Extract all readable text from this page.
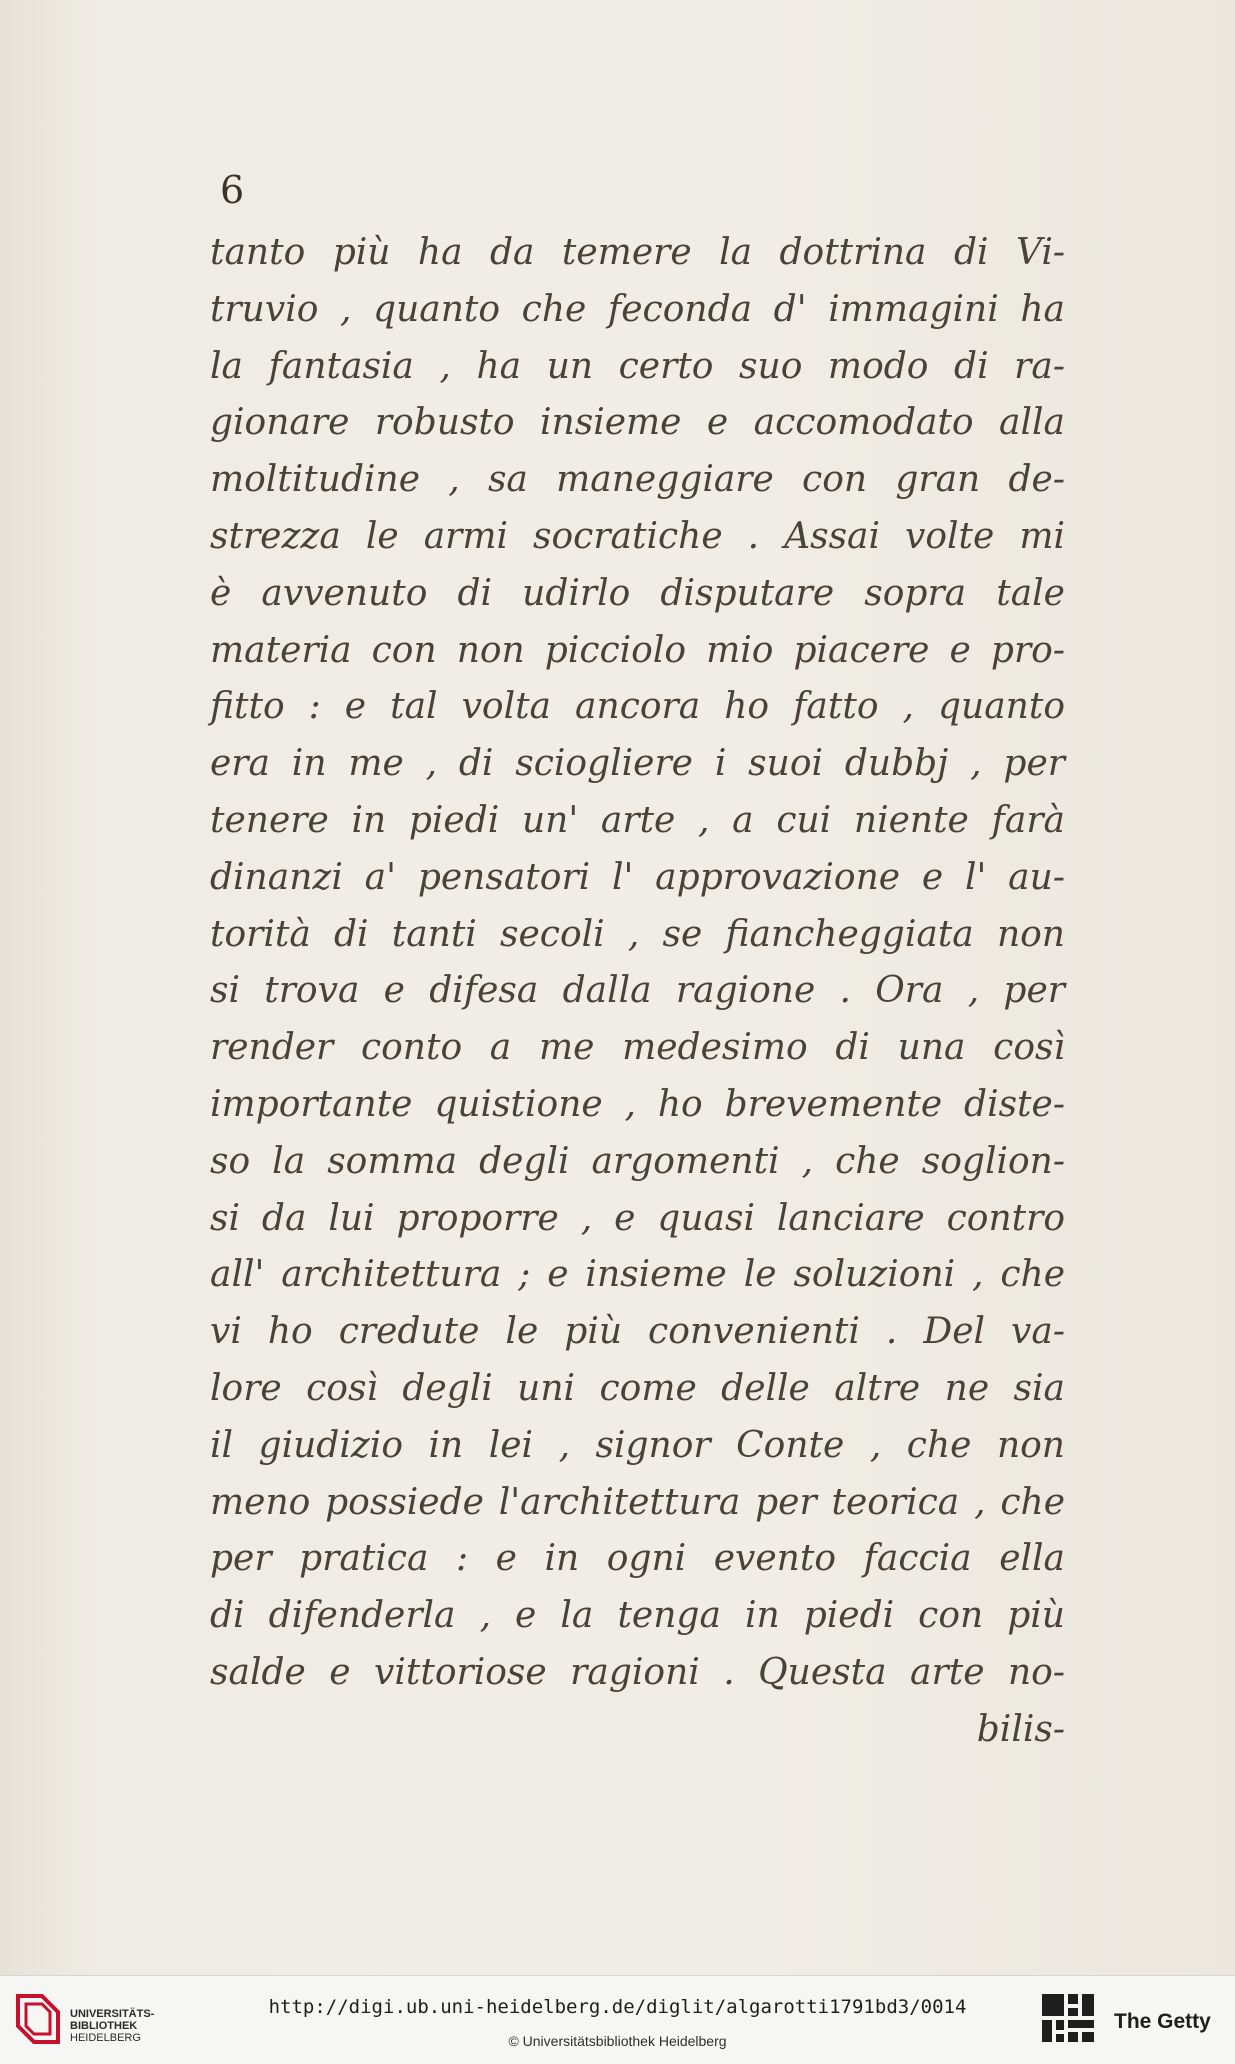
6
tanto più ha da temere la dottrina di Vi-
truvio , quanto che feconda d' immagini ha
la fantasia , ha un certo suo modo di ra-
gionare robusto insieme e accomodato alla
moltitudine , sa maneggiare con gran de-
strezza le armi socratiche . Assai volte mi
è avvenuto di udirlo disputare sopra tale
materia con non picciolo mio piacere e pro-
fitto : e tal volta ancora ho fatto , quanto
era in me , di sciogliere i suoi dubbj , per
tenere in piedi un' arte , a cui niente farà
dinanzi a' pensatori l' approvazione e l' au-
torità di tanti secoli , se fiancheggiata non
si trova e difesa dalla ragione . Ora , per
render conto a me medesimo di una così
importante quistione , ho brevemente diste-
so la somma degli argomenti , che soglion-
si da lui proporre , e quasi lanciare contro
all' architettura ; e insieme le soluzioni , che
vi ho credute le più convenienti . Del va-
lore così degli uni come delle altre ne sia
il giudizio in lei , signor Conte , che non
meno possiede l'architettura per teorica , che
per pratica : e in ogni evento faccia ella
di difenderla , e la tenga in piedi con più
salde e vittoriose ragioni . Questa arte no-
bilis-
UNIVERSITÄTS-
BIBLIOTHEK
HEIDELBERG
http://digi.ub.uni-heidelberg.de/diglit/algarotti1791bd3/0014
© Universitätsbibliothek Heidelberg
The Getty
